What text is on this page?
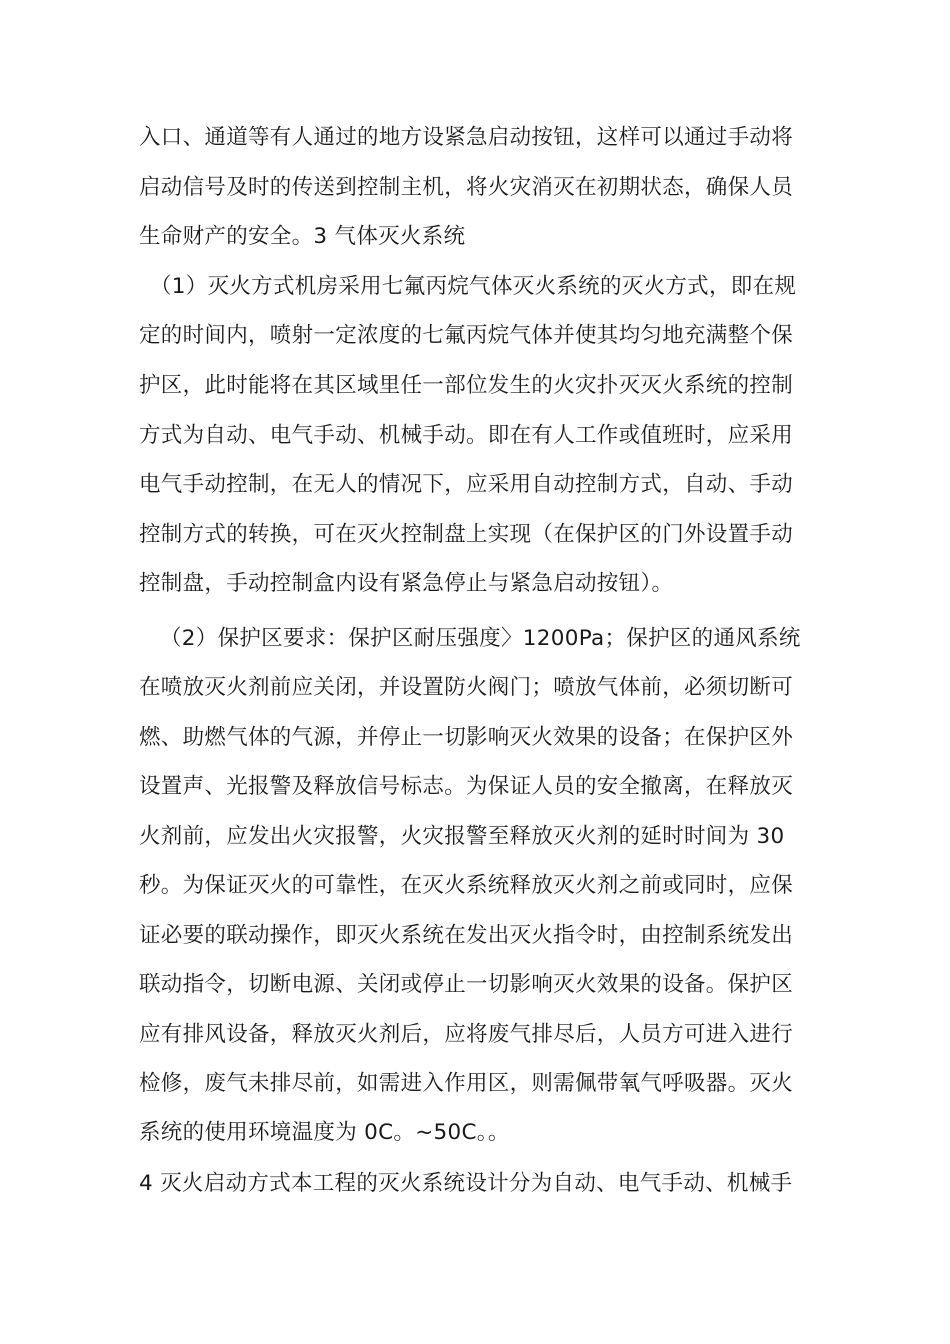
入口、通道等有人通过的地方设紧急启动按钮，这样可以通过手动将
启动信号及时的传送到控制主机，将火灾消灭在初期状态，确保人员
生命财产的安全。3 气体灭火系统
（1）灭火方式机房采用七氟丙烷气体灭火系统的灭火方式，即在规
定的时间内，喷射一定浓度的七氟丙烷气体并使其均匀地充满整个保
护区，此时能将在其区域里任一部位发生的火灾扑灭灭火系统的控制
方式为自动、电气手动、机械手动。即在有人工作或值班时，应采用
电气手动控制，在无人的情况下，应采用自动控制方式，自动、手动
控制方式的转换，可在灭火控制盘上实现（在保护区的门外设置手动
控制盘，手动控制盒内设有紧急停止与紧急启动按钮）。
（2）保护区要求：保护区耐压强度〉1200Pa；保护区的通风系统
在喷放灭火剂前应关闭，并设置防火阀门；喷放气体前，必须切断可
燃、助燃气体的气源，并停止一切影响灭火效果的设备；在保护区外
设置声、光报警及释放信号标志。为保证人员的安全撤离，在释放灭
火剂前，应发出火灾报警，火灾报警至释放灭火剂的延时时间为 30
秒。为保证灭火的可靠性，在灭火系统释放灭火剂之前或同时，应保
证必要的联动操作，即灭火系统在发出灭火指令时，由控制系统发出
联动指令，切断电源、关闭或停止一切影响灭火效果的设备。保护区
应有排风设备，释放灭火剂后，应将废气排尽后，人员方可进入进行
检修，废气未排尽前，如需进入作用区，则需佩带氧气呼吸器。灭火
系统的使用环境温度为 0C。~50C。。
4 灭火启动方式本工程的灭火系统设计分为自动、电气手动、机械手
